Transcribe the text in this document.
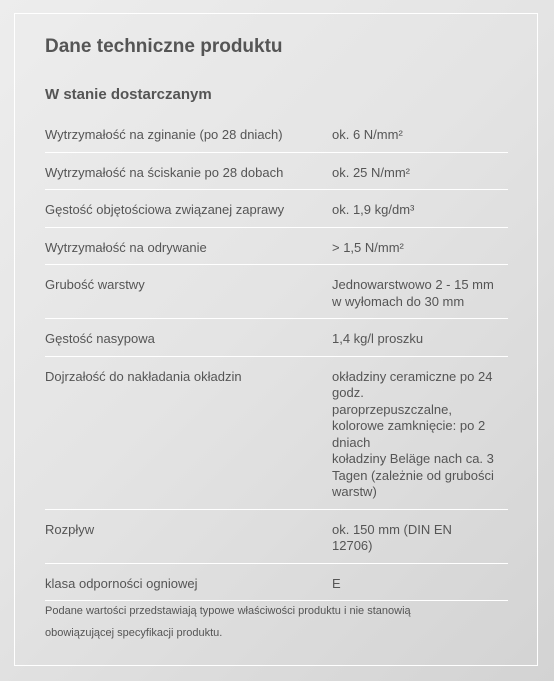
Dane techniczne produktu
W stanie dostarczanym
Wytrzymałość na zginanie (po 28 dniach)	ok. 6 N/mm²
Wytrzymałość na ściskanie po 28 dobach	ok. 25 N/mm²
Gęstość objętościowa związanej zaprawy	ok. 1,9 kg/dm³
Wytrzymałość na odrywanie	> 1,5 N/mm²
Grubość warstwy	Jednowarstwowo 2 - 15 mm
w wyłomach do 30 mm
Gęstość nasypowa	1,4 kg/l proszku
Dojrzałość do nakładania okładzin	okładziny ceramiczne po 24
godz.
paroprzepuszczalne,
kolorowe zamknięcie: po 2
dniach
koładziny Beläge nach ca. 3
Tagen (zależnie od grubości
warstw)
Rozpływ	ok. 150 mm (DIN EN
12706)
klasa odporności ogniowej	E

Podane wartości przedstawiają typowe właściwości produktu i nie stanowią obowiązującej specyfikacji produktu.
